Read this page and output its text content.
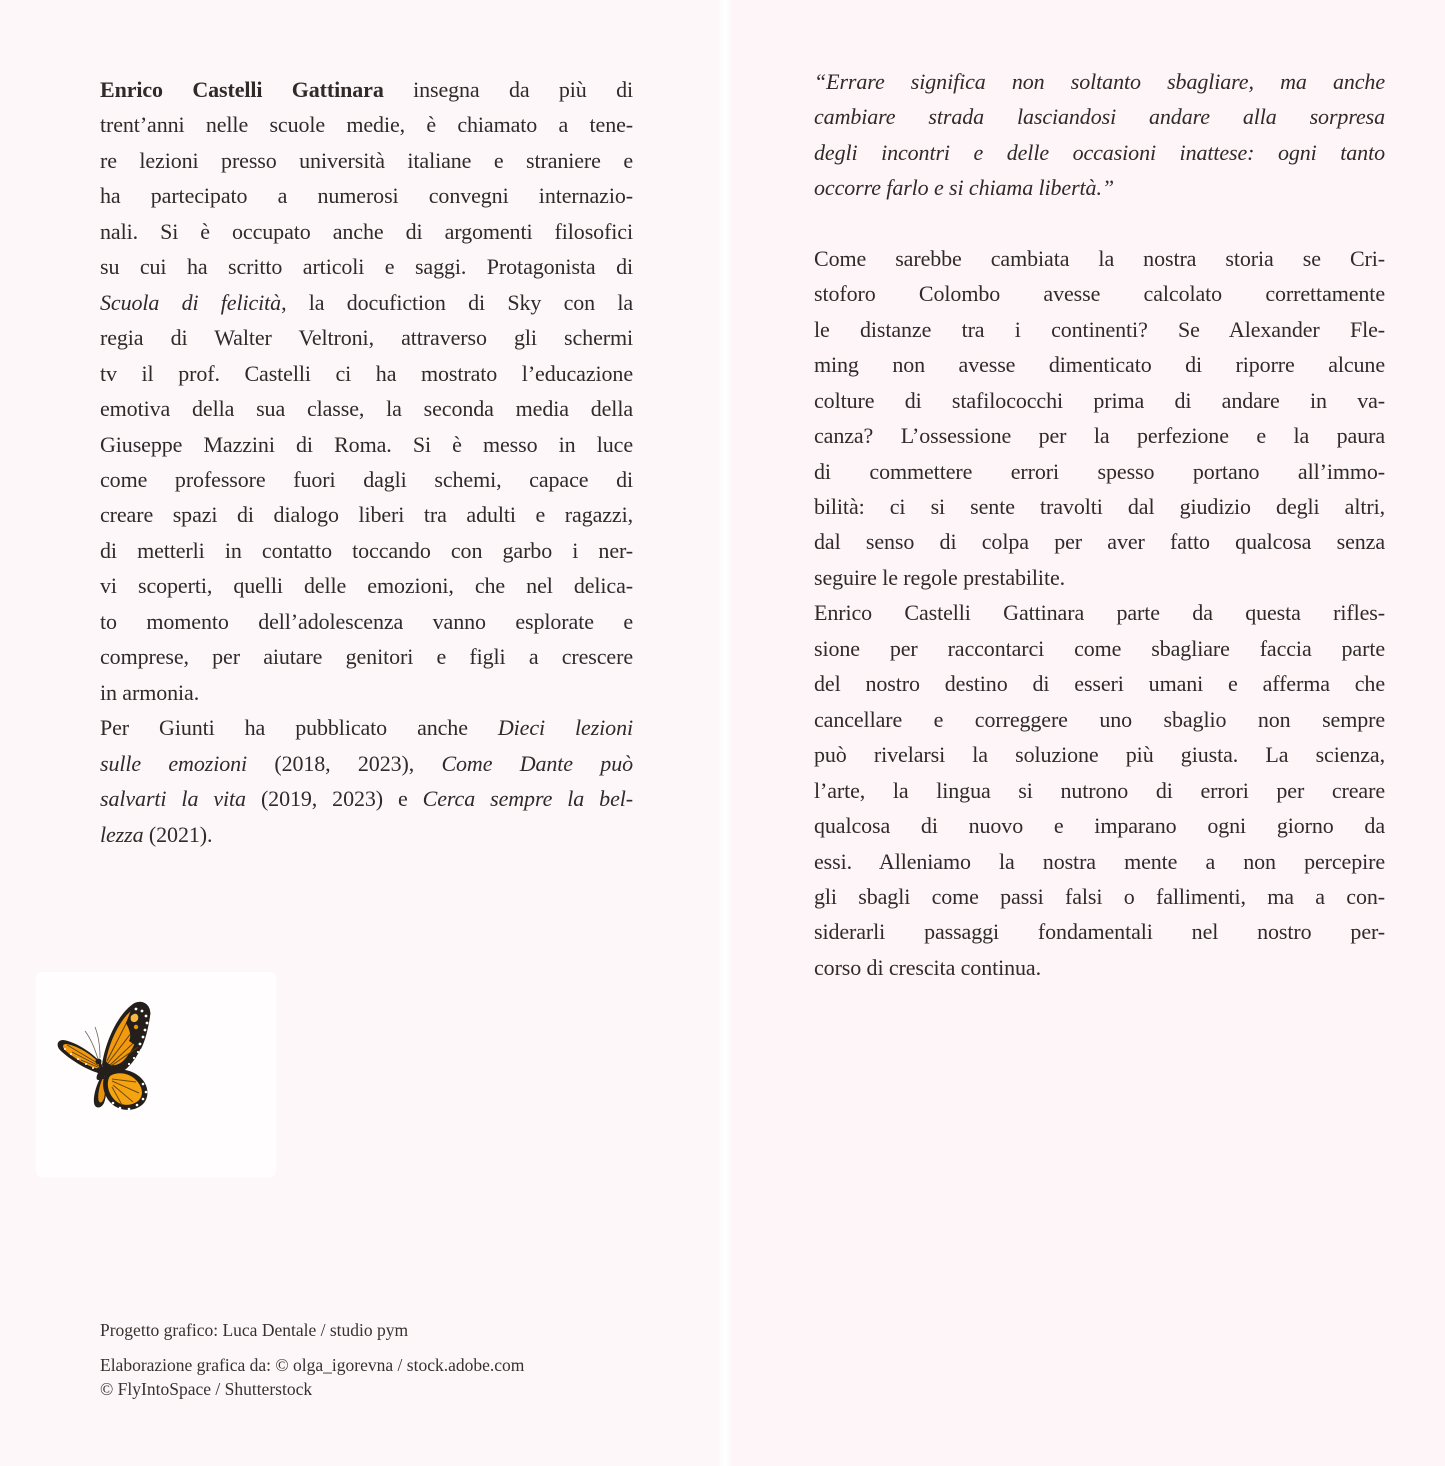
Enrico Castelli Gattinara insegna da più di
trent’anni nelle scuole medie, è chiamato a tene-
re lezioni presso università italiane e straniere e
ha partecipato a numerosi convegni internazio-
nali. Si è occupato anche di argomenti filosofici
su cui ha scritto articoli e saggi. Protagonista di
Scuola di felicità, la docufiction di Sky con la
regia di Walter Veltroni, attraverso gli schermi
tv il prof. Castelli ci ha mostrato l’educazione
emotiva della sua classe, la seconda media della
Giuseppe Mazzini di Roma. Si è messo in luce
come professore fuori dagli schemi, capace di
creare spazi di dialogo liberi tra adulti e ragazzi,
di metterli in contatto toccando con garbo i ner-
vi scoperti, quelli delle emozioni, che nel delica-
to momento dell’adolescenza vanno esplorate e
comprese, per aiutare genitori e figli a crescere
in armonia.
Per Giunti ha pubblicato anche Dieci lezioni
sulle emozioni (2018, 2023), Come Dante può
salvarti la vita (2019, 2023) e Cerca sempre la bel-
lezza (2021).
Progetto grafico: Luca Dentale / studio pym
Elaborazione grafica da: © olga_igorevna / stock.adobe.com
© FlyIntoSpace / Shutterstock
“Errare significa non soltanto sbagliare, ma anche
cambiare strada lasciandosi andare alla sorpresa
degli incontri e delle occasioni inattese: ogni tanto
occorre farlo e si chiama libertà.”
Come sarebbe cambiata la nostra storia se Cri-
stoforo Colombo avesse calcolato correttamente
le distanze tra i continenti? Se Alexander Fle-
ming non avesse dimenticato di riporre alcune
colture di stafilococchi prima di andare in va-
canza? L’ossessione per la perfezione e la paura
di commettere errori spesso portano all’immo-
bilità: ci si sente travolti dal giudizio degli altri,
dal senso di colpa per aver fatto qualcosa senza
seguire le regole prestabilite.
Enrico Castelli Gattinara parte da questa rifles-
sione per raccontarci come sbagliare faccia parte
del nostro destino di esseri umani e afferma che
cancellare e correggere uno sbaglio non sempre
può rivelarsi la soluzione più giusta. La scienza,
l’arte, la lingua si nutrono di errori per creare
qualcosa di nuovo e imparano ogni giorno da
essi. Alleniamo la nostra mente a non percepire
gli sbagli come passi falsi o fallimenti, ma a con-
siderarli passaggi fondamentali nel nostro per-
corso di crescita continua.
